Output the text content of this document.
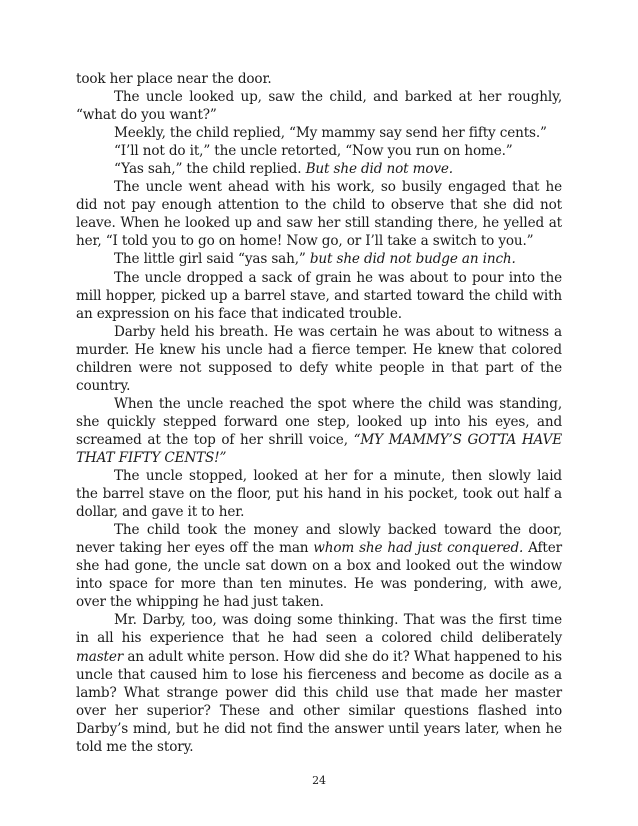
took her place near the door.

The uncle looked up, saw the child, and barked at her roughly, “what do you want?”

Meekly, the child replied, “My mammy say send her fifty cents.”

“I’ll not do it,” the uncle retorted, “Now you run on home.”

“Yas sah,” the child replied. But she did not move.

The uncle went ahead with his work, so busily engaged that he did not pay enough attention to the child to observe that she did not leave. When he looked up and saw her still standing there, he yelled at her, “I told you to go on home! Now go, or I’ll take a switch to you.”

The little girl said “yas sah,” but she did not budge an inch.

The uncle dropped a sack of grain he was about to pour into the mill hopper, picked up a barrel stave, and started toward the child with an expression on his face that indicated trouble.

Darby held his breath. He was certain he was about to witness a murder. He knew his uncle had a fierce temper. He knew that colored children were not supposed to defy white people in that part of the country.

When the uncle reached the spot where the child was standing, she quickly stepped forward one step, looked up into his eyes, and screamed at the top of her shrill voice, “MY MAMMY’S GOTTA HAVE THAT FIFTY CENTS!”

The uncle stopped, looked at her for a minute, then slowly laid the barrel stave on the floor, put his hand in his pocket, took out half a dollar, and gave it to her.

The child took the money and slowly backed toward the door, never taking her eyes off the man whom she had just conquered. After she had gone, the uncle sat down on a box and looked out the window into space for more than ten minutes. He was pondering, with awe, over the whipping he had just taken.

Mr. Darby, too, was doing some thinking. That was the first time in all his experience that he had seen a colored child deliberately master an adult white person. How did she do it? What happened to his uncle that caused him to lose his fierceness and become as docile as a lamb? What strange power did this child use that made her master over her superior? These and other similar questions flashed into Darby’s mind, but he did not find the answer until years later, when he told me the story.

24
